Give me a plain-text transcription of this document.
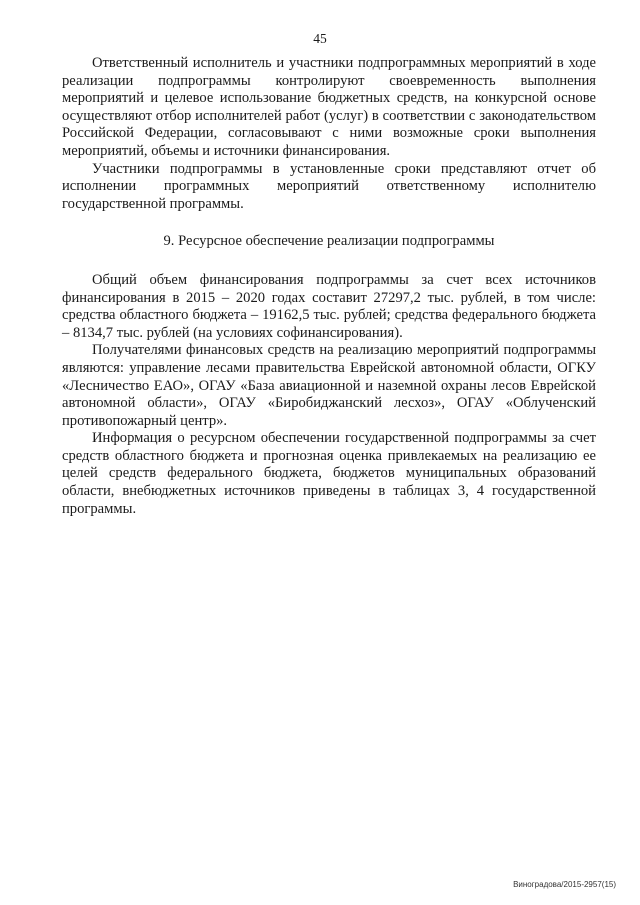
45

Ответственный исполнитель и участники подпрограммных мероприятий в ходе реализации подпрограммы контролируют своевременность выполнения мероприятий и целевое использование бюджетных средств, на конкурсной основе осуществляют отбор исполнителей работ (услуг) в соответствии с законодательством Российской Федерации, согласовывают с ними возможные сроки выполнения мероприятий, объемы и источники финансирования.

Участники подпрограммы в установленные сроки представляют отчет об исполнении программных мероприятий ответственному исполнителю государственной программы.

9. Ресурсное обеспечение реализации подпрограммы

Общий объем финансирования подпрограммы за счет всех источников финансирования в 2015 – 2020 годах составит 27297,2 тыс. рублей, в том числе: средства областного бюджета – 19162,5 тыс. рублей; средства федерального бюджета – 8134,7 тыс. рублей (на условиях софинансирования).

Получателями финансовых средств на реализацию мероприятий подпрограммы являются: управление лесами правительства Еврейской автономной области, ОГКУ «Лесничество ЕАО», ОГАУ «База авиационной и наземной охраны лесов Еврейской автономной области», ОГАУ «Биробиджанский лесхоз», ОГАУ «Облученский противопожарный центр».

Информация о ресурсном обеспечении государственной подпрограммы за счет средств областного бюджета и прогнозная оценка привлекаемых на реализацию ее целей средств федерального бюджета, бюджетов муниципальных образований области, внебюджетных источников приведены в таблицах 3, 4 государственной программы.

Виноградова/2015-2957(15)
